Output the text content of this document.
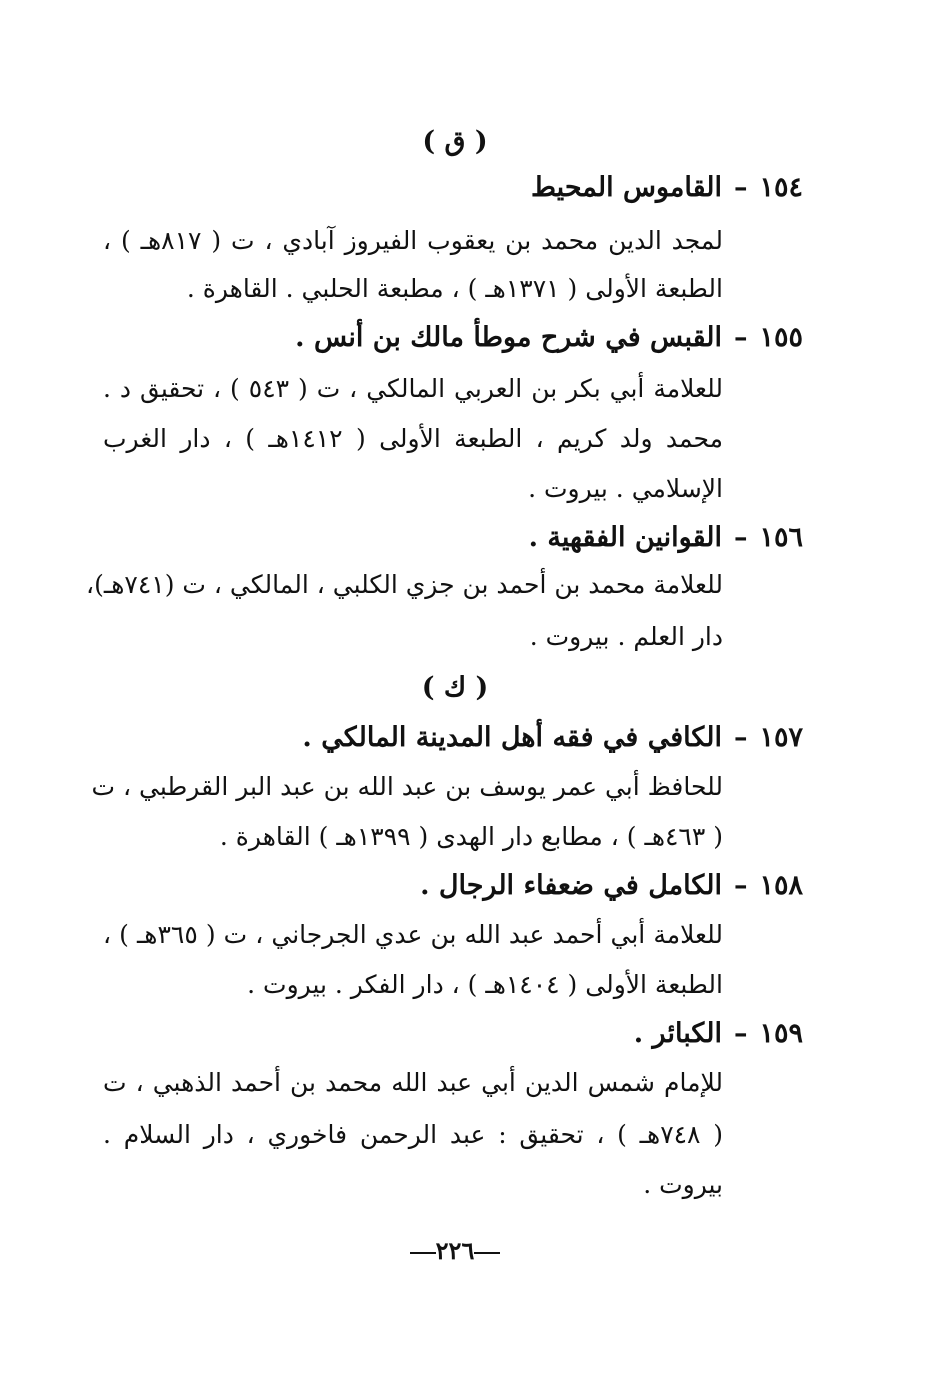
( ق )
١٥٤–القاموس المحيط
لمجد الدين محمد بن يعقوب الفيروز آبادي ، ت ( ٨١٧هـ ) ،
الطبعة الأولى ( ١٣٧١هـ ) ، مطبعة الحلبي . القاهرة .
١٥٥–القبس في شرح موطأ مالك بن أنس .
للعلامة أبي بكر بن العربي المالكي ، ت ( ٥٤٣ ) ، تحقيق د .
محمد ولد كريم ، الطبعة الأولى ( ١٤١٢هـ ) ، دار الغرب
الإسلامي . بيروت .
١٥٦–القوانين الفقهية .
للعلامة محمد بن أحمد بن جزي الكلبي ، المالكي ، ت (٧٤١هـ)،
دار العلم . بيروت .
( ك )
١٥٧–الكافي في فقه أهل المدينة المالكي .
للحافظ أبي عمر يوسف بن عبد الله بن عبد البر القرطبي ، ت
( ٤٦٣هـ ) ، مطابع دار الهدى ( ١٣٩٩هـ ) القاهرة .
١٥٨–الكامل في ضعفاء الرجال .
للعلامة أبي أحمد عبد الله بن عدي الجرجاني ، ت ( ٣٦٥هـ ) ،
الطبعة الأولى ( ١٤٠٤هـ ) ، دار الفكر . بيروت .
١٥٩–الكبائر .
للإمام شمس الدين أبي عبد الله محمد بن أحمد الذهبي ، ت
( ٧٤٨هـ ) ، تحقيق : عبد الرحمن فاخوري ، دار السلام .
بيروت .
٢٢٦
